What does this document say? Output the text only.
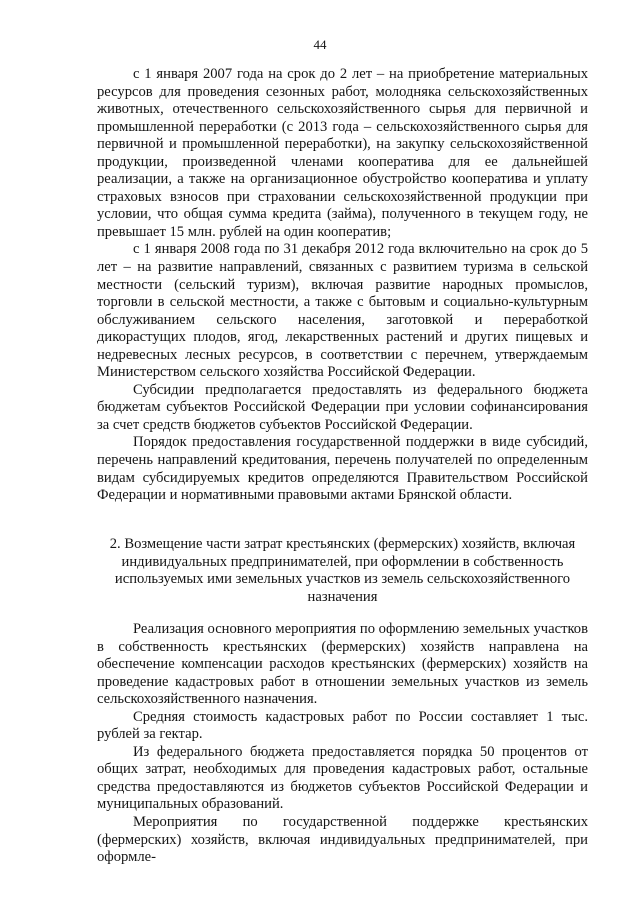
44

с 1 января 2007 года на срок до 2 лет – на приобретение материальных ресурсов для проведения сезонных работ, молодняка сельскохозяйственных животных, отечественного сельскохозяйственного сырья для первичной и промышленной переработки (с 2013 года – сельскохозяйственного сырья для первичной и промышленной переработки), на закупку сельскохозяйственной продукции, произведенной членами кооператива для ее дальнейшей реализации, а также на организационное обустройство кооператива и уплату страховых взносов при страховании сельскохозяйственной продукции при условии, что общая сумма кредита (займа), полученного в текущем году, не превышает 15 млн. рублей на один кооператив;

с 1 января 2008 года по 31 декабря 2012 года включительно на срок до 5 лет – на развитие направлений, связанных с развитием туризма в сельской местности (сельский туризм), включая развитие народных промыслов, торговли в сельской местности, а также с бытовым и социально-культурным обслуживанием сельского населения, заготовкой и переработкой дикорастущих плодов, ягод, лекарственных растений и других пищевых и недревесных лесных ресурсов, в соответствии с перечнем, утверждаемым Министерством сельского хозяйства Российской Федерации.

Субсидии предполагается предоставлять из федерального бюджета бюджетам субъектов Российской Федерации при условии софинансирования за счет средств бюджетов субъектов Российской Федерации.

Порядок предоставления государственной поддержки в виде субсидий, перечень направлений кредитования, перечень получателей по определенным видам субсидируемых кредитов определяются Правительством Российской Федерации и нормативными правовыми актами Брянской области.

2. Возмещение части затрат крестьянских (фермерских) хозяйств, включая индивидуальных предпринимателей, при оформлении в собственность используемых ими земельных участков из земель сельскохозяйственного назначения

Реализация основного мероприятия по оформлению земельных участков в собственность крестьянских (фермерских) хозяйств направлена на обеспечение компенсации расходов крестьянских (фермерских) хозяйств на проведение кадастровых работ в отношении земельных участков из земель сельскохозяйственного назначения.

Средняя стоимость кадастровых работ по России составляет 1 тыс. рублей за гектар.

Из федерального бюджета предоставляется порядка 50 процентов от общих затрат, необходимых для проведения кадастровых работ, остальные средства предоставляются из бюджетов субъектов Российской Федерации и муниципальных образований.

Мероприятия по государственной поддержке крестьянских (фермерских) хозяйств, включая индивидуальных предпринимателей, при оформле-
